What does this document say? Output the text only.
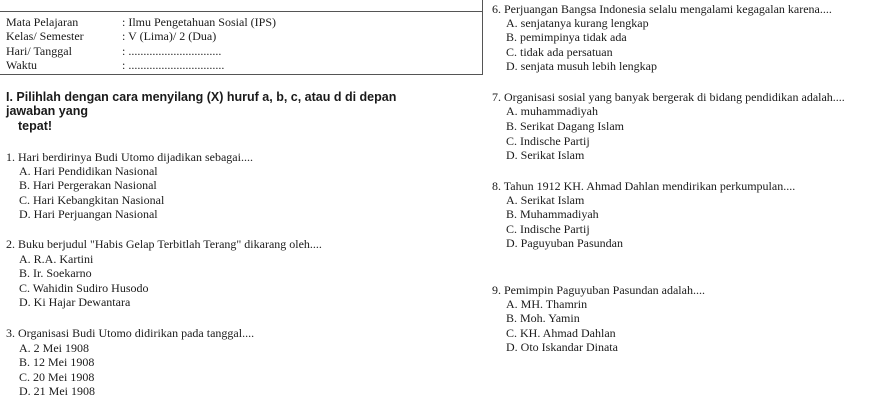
Mata Pelajaran	: Ilmu Pengetahuan Sosial (IPS)
Kelas/ Semester	: V (Lima)/ 2 (Dua)
Hari/ Tanggal	: ...............................
Waktu	: ................................
I. Pilihlah dengan cara menyilang (X) huruf a, b, c, atau d di depan
jawaban yang
tepat!
1. Hari berdirinya Budi Utomo dijadikan sebagai....
A. Hari Pendidikan Nasional
B. Hari Pergerakan Nasional
C. Hari Kebangkitan Nasional
D. Hari Perjuangan Nasional
2. Buku berjudul "Habis Gelap Terbitlah Terang" dikarang oleh....
A. R.A. Kartini
B. Ir. Soekarno
C. Wahidin Sudiro Husodo
D. Ki Hajar Dewantara
3. Organisasi Budi Utomo didirikan pada tanggal....
A. 2 Mei 1908
B. 12 Mei 1908
C. 20 Mei 1908
D. 21 Mei 1908
6. Perjuangan Bangsa Indonesia selalu mengalami kegagalan karena....
A. senjatanya kurang lengkap
B. pemimpinya tidak ada
C. tidak ada persatuan
D. senjata musuh lebih lengkap
7. Organisasi sosial yang banyak bergerak di bidang pendidikan adalah....
A. muhammadiyah
B. Serikat Dagang Islam
C. Indische Partij
D. Serikat Islam
8. Tahun 1912 KH. Ahmad Dahlan mendirikan perkumpulan....
A. Serikat Islam
B. Muhammadiyah
C. Indische Partij
D. Paguyuban Pasundan
9. Pemimpin Paguyuban Pasundan adalah....
A. MH. Thamrin
B. Moh. Yamin
C. KH. Ahmad Dahlan
D. Oto Iskandar Dinata
